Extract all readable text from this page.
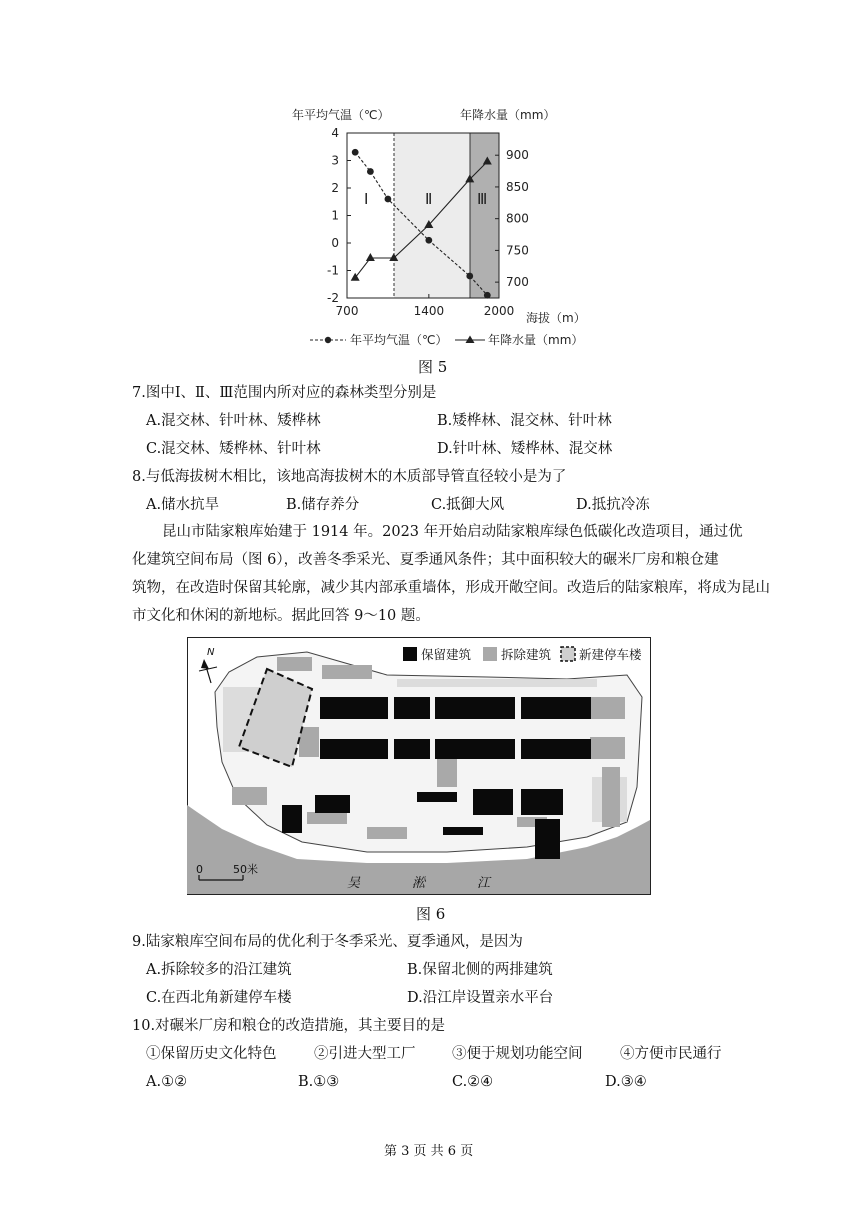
年平均气温（℃）	年降水量（mm）
海拔（m）
Ⅰ	Ⅱ	Ⅲ
4
3
2
1
0
-1
-2
900
850
800
750
700
700	1400	2000
年平均气温（℃）	年降水量（mm）
图 5
7.图中Ⅰ、Ⅱ、Ⅲ范围内所对应的森林类型分别是
A.混交林、针叶林、矮桦林	B.矮桦林、混交林、针叶林
C.混交林、矮桦林、针叶林	D.针叶林、矮桦林、混交林
8.与低海拔树木相比，该地高海拔树木的木质部导管直径较小是为了
A.储水抗旱	B.储存养分	C.抵御大风	D.抵抗冷冻
昆山市陆家粮库始建于 1914 年。2023 年开始启动陆家粮库绿色低碳化改造项目，通过优
化建筑空间布局（图 6），改善冬季采光、夏季通风条件；其中面积较大的碾米厂房和粮仓建
筑物，在改造时保留其轮廓，减少其内部承重墙体，形成开敞空间。改造后的陆家粮库，将成为昆山
市文化和休闲的新地标。据此回答 9～10 题。
保留建筑 拆除建筑 新建停车楼
N
0	50米
吴	淞	江
图 6
9.陆家粮库空间布局的优化利于冬季采光、夏季通风，是因为
A.拆除较多的沿江建筑	B.保留北侧的两排建筑
C.在西北角新建停车楼	D.沿江岸设置亲水平台
10.对碾米厂房和粮仓的改造措施，其主要目的是
①保留历史文化特色	②引进大型工厂	③便于规划功能空间	④方便市民通行
A.①②	B.①③	C.②④	D.③④
第 3 页 共 6 页
